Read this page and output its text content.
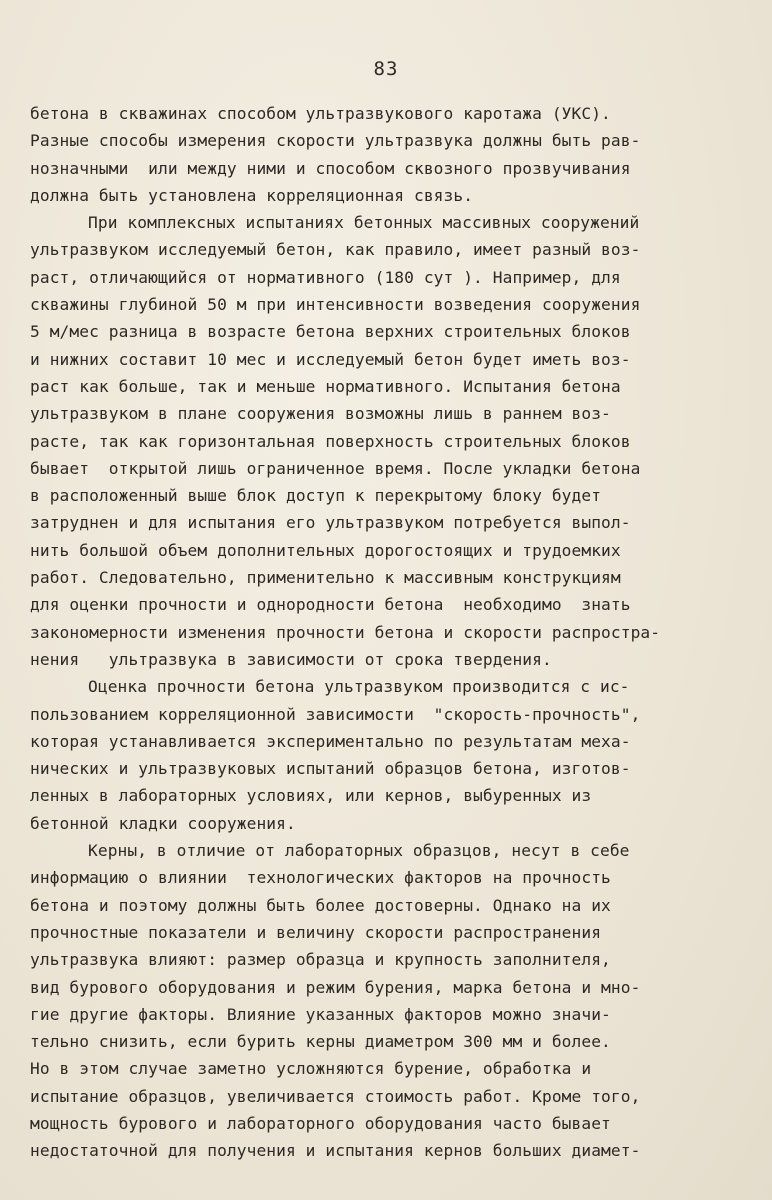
83
бетона в скважинах способом ультразвукового каротажа (УКС).
Разные способы измерения скорости ультразвука должны быть рав-
нозначными  или между ними и способом сквозного прозвучивания
должна быть установлена корреляционная связь.
При комплексных испытаниях бетонных массивных сооружений
ультразвуком исследуемый бетон, как правило, имеет разный воз-
раст, отличающийся от нормативного (180 сут ). Например, для
скважины глубиной 50 м при интенсивности возведения сооружения
5 м/мес разница в возрасте бетона верхних строительных блоков
и нижних составит 10 мес и исследуемый бетон будет иметь воз-
раст как больше, так и меньше нормативного. Испытания бетона
ультразвуком в плане сооружения возможны лишь в раннем воз-
расте, так как горизонтальная поверхность строительных блоков
бывает  открытой лишь ограниченное время. После укладки бетона
в расположенный выше блок доступ к перекрытому блоку будет
затруднен и для испытания его ультразвуком потребуется выпол-
нить большой объем дополнительных дорогостоящих и трудоемких
работ. Следовательно, применительно к массивным конструкциям
для оценки прочности и однородности бетона  необходимо  знать
закономерности изменения прочности бетона и скорости распростра-
нения   ультразвука в зависимости от срока твердения.
Оценка прочности бетона ультразвуком производится с ис-
пользованием корреляционной зависимости  "скорость-прочность",
которая устанавливается экспериментально по результатам меха-
нических и ультразвуковых испытаний образцов бетона, изготов-
ленных в лабораторных условиях, или кернов, выбуренных из
бетонной кладки сооружения.
Керны, в отличие от лабораторных образцов, несут в себе
информацию о влиянии  технологических факторов на прочность
бетона и поэтому должны быть более достоверны. Однако на их
прочностные показатели и величину скорости распространения
ультразвука влияют: размер образца и крупность заполнителя,
вид бурового оборудования и режим бурения, марка бетона и мно-
гие другие факторы. Влияние указанных факторов можно значи-
тельно снизить, если бурить керны диаметром 300 мм и более.
Но в этом случае заметно усложняются бурение, обработка и
испытание образцов, увеличивается стоимость работ. Кроме того,
мощность бурового и лабораторного оборудования часто бывает
недостаточной для получения и испытания кернов больших диамет-
